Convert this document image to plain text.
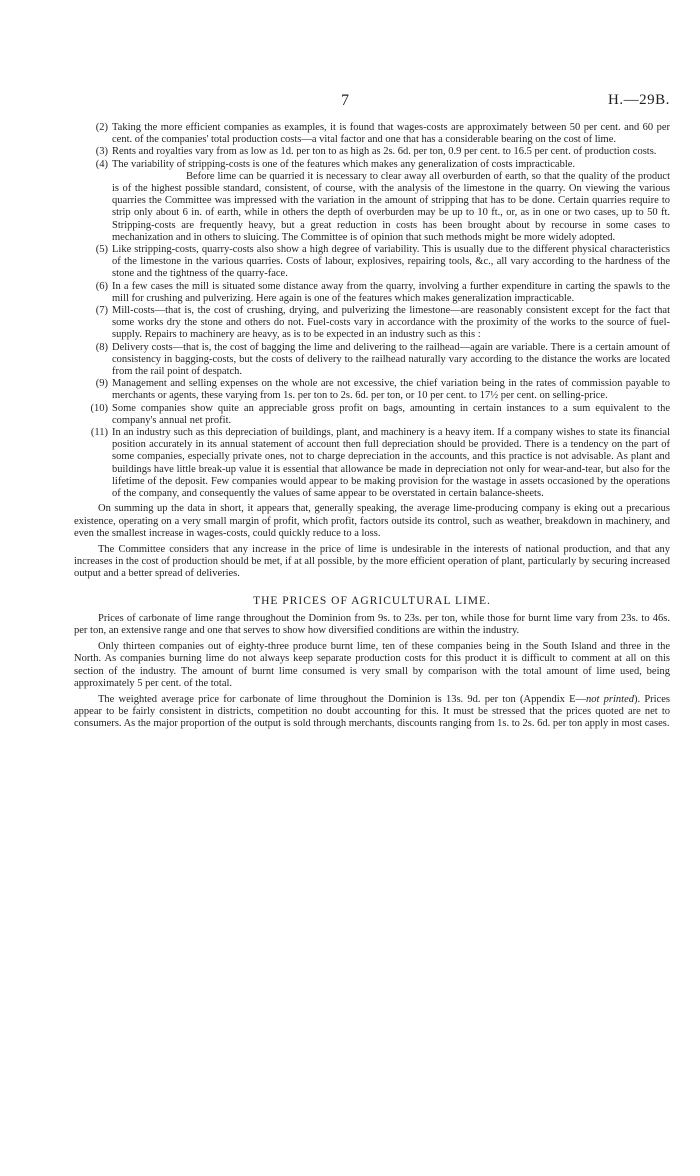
7	H.—29B.
(2) Taking the more efficient companies as examples, it is found that wages-costs are approximately between 50 per cent. and 60 per cent. of the companies' total production costs—a vital factor and one that has a considerable bearing on the cost of lime.
(3) Rents and royalties vary from as low as 1d. per ton to as high as 2s. 6d. per ton, 0.9 per cent. to 16.5 per cent. of production costs.
(4) The variability of stripping-costs is one of the features which makes any generalization of costs impracticable.

Before lime can be quarried it is necessary to clear away all overburden of earth, so that the quality of the product is of the highest possible standard, consistent, of course, with the analysis of the limestone in the quarry. On viewing the various quarries the Committee was impressed with the variation in the amount of stripping that has to be done. Certain quarries require to strip only about 6 in. of earth, while in others the depth of overburden may be up to 10 ft., or, as in one or two cases, up to 50 ft. Stripping-costs are frequently heavy, but a great reduction in costs has been brought about by recourse in some cases to mechanization and in others to sluicing. The Committee is of opinion that such methods might be more widely adopted.

(5) Like stripping-costs, quarry-costs also show a high degree of variability. This is usually due to the different physical characteristics of the limestone in the various quarries. Costs of labour, explosives, repairing tools, &c., all vary according to the hardness of the stone and the tightness of the quarry-face.
(6) In a few cases the mill is situated some distance away from the quarry, involving a further expenditure in carting the spawls to the mill for crushing and pulverizing. Here again is one of the features which makes generalization impracticable.
(7) Mill-costs—that is, the cost of crushing, drying, and pulverizing the limestone—are reasonably consistent except for the fact that some works dry the stone and others do not. Fuel-costs vary in accordance with the proximity of the works to the source of fuel-supply. Repairs to machinery are heavy, as is to be expected in an industry such as this :
(8) Delivery costs—that is, the cost of bagging the lime and delivering to the railhead—again are variable. There is a certain amount of consistency in bagging-costs, but the costs of delivery to the railhead naturally vary according to the distance the works are located from the rail point of despatch.
(9) Management and selling expenses on the whole are not excessive, the chief variation being in the rates of commission payable to merchants or agents, these varying from 1s. per ton to 2s. 6d. per ton, or 10 per cent. to 17½ per cent. on selling-price.
(10) Some companies show quite an appreciable gross profit on bags, amounting in certain instances to a sum equivalent to the company's annual net profit.
(11) In an industry such as this depreciation of buildings, plant, and machinery is a heavy item. If a company wishes to state its financial position accurately in its annual statement of account then full depreciation should be provided. There is a tendency on the part of some companies, especially private ones, not to charge depreciation in the accounts, and this practice is not advisable. As plant and buildings have little break-up value it is essential that allowance be made in depreciation not only for wear-and-tear, but also for the lifetime of the deposit. Few companies would appear to be making provision for the wastage in assets occasioned by the operations of the company, and consequently the values of same appear to be overstated in certain balance-sheets.

On summing up the data in short, it appears that, generally speaking, the average lime-producing company is eking out a precarious existence, operating on a very small margin of profit, which profit, factors outside its control, such as weather, breakdown in machinery, and even the smallest increase in wages-costs, could quickly reduce to a loss.

The Committee considers that any increase in the price of lime is undesirable in the interests of national production, and that any increases in the cost of production should be met, if at all possible, by the more efficient operation of plant, particularly by securing increased output and a better spread of deliveries.

THE PRICES OF AGRICULTURAL LIME.

Prices of carbonate of lime range throughout the Dominion from 9s. to 23s. per ton, while those for burnt lime vary from 23s. to 46s. per ton, an extensive range and one that serves to show how diversified conditions are within the industry.

Only thirteen companies out of eighty-three produce burnt lime, ten of these companies being in the South Island and three in the North. As companies burning lime do not always keep separate production costs for this product it is difficult to comment at all on this section of the industry. The amount of burnt lime consumed is very small by comparison with the total amount of lime used, being approximately 5 per cent. of the total.

The weighted average price for carbonate of lime throughout the Dominion is 13s. 9d. per ton (Appendix E—not printed). Prices appear to be fairly consistent in districts, competition no doubt accounting for this. It must be stressed that the prices quoted are net to consumers. As the major proportion of the output is sold through merchants, discounts ranging from 1s. to 2s. 6d. per ton apply in most cases.
